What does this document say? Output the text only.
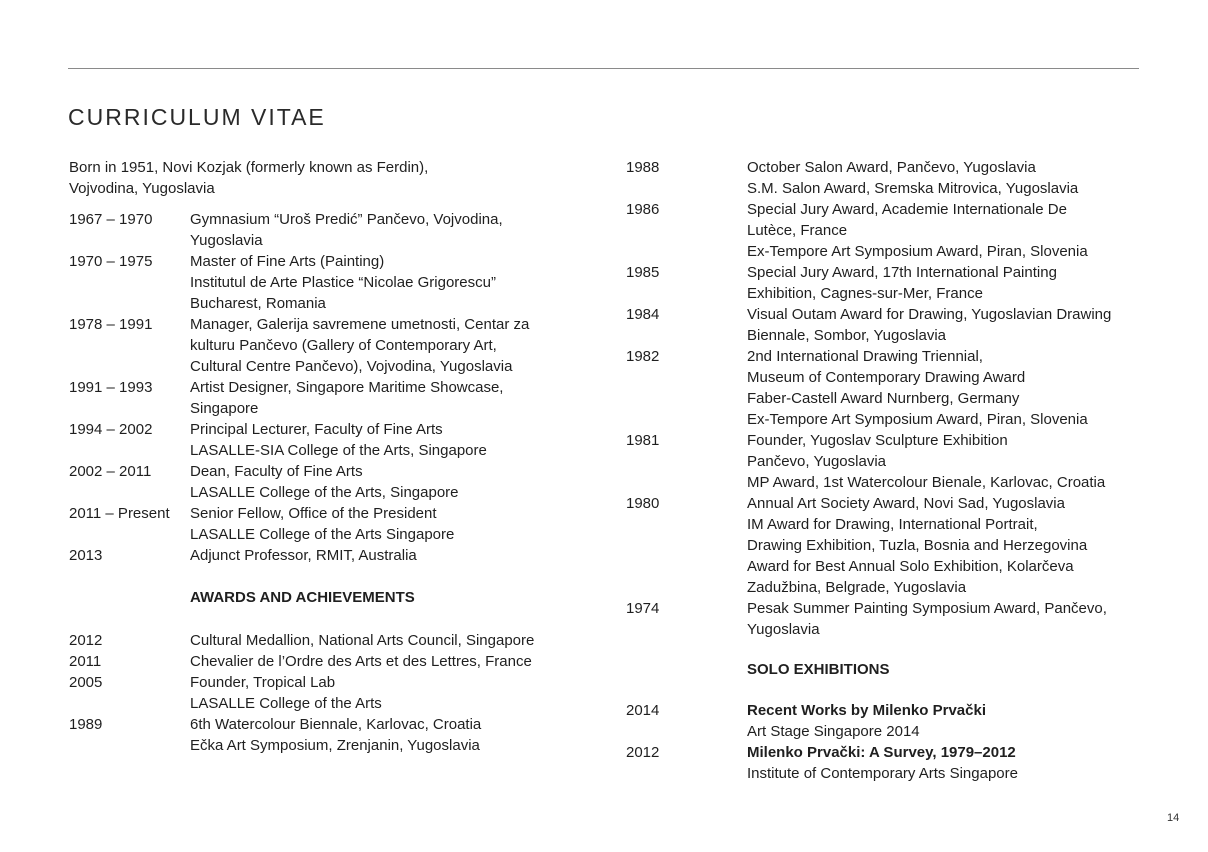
CURRICULUM VITAE
Born in 1951, Novi Kozjak (formerly known as Ferdin),
Vojvodina, Yugoslavia
1967 – 1970	Gymnasium “Uroš Predić” Pančevo, Vojvodina,
Yugoslavia
1970 – 1975	Master of Fine Arts (Painting)
Institutul de Arte Plastice “Nicolae Grigorescu”
Bucharest, Romania
1978 – 1991	Manager, Galerija savremene umetnosti, Centar za
kulturu Pančevo (Gallery of Contemporary Art,
Cultural Centre Pančevo), Vojvodina, Yugoslavia
1991 – 1993	Artist Designer, Singapore Maritime Showcase,
Singapore
1994 – 2002	Principal Lecturer, Faculty of Fine Arts
LASALLE-SIA College of the Arts, Singapore
2002 – 2011	Dean, Faculty of Fine Arts
LASALLE College of the Arts, Singapore
2011 – Present	Senior Fellow, Office of the President
LASALLE College of the Arts Singapore
2013	Adjunct Professor, RMIT, Australia
AWARDS AND ACHIEVEMENTS
2012	Cultural Medallion, National Arts Council, Singapore
2011	Chevalier de l’Ordre des Arts et des Lettres, France
2005	Founder, Tropical Lab
LASALLE College of the Arts
1989	6th Watercolour Biennale, Karlovac, Croatia
Ečka Art Symposium, Zrenjanin, Yugoslavia
1988	October Salon Award, Pančevo, Yugoslavia
S.M. Salon Award, Sremska Mitrovica, Yugoslavia
1986	Special Jury Award, Academie Internationale De
Lutèce, France
Ex-Tempore Art Symposium Award, Piran, Slovenia
1985	Special Jury Award, 17th International Painting
Exhibition, Cagnes-sur-Mer, France
1984	Visual Outam Award for Drawing, Yugoslavian Drawing
Biennale, Sombor, Yugoslavia
1982	2nd International Drawing Triennial,
Museum of Contemporary Drawing Award
Faber-Castell Award Nurnberg, Germany
Ex-Tempore Art Symposium Award, Piran, Slovenia
1981	Founder, Yugoslav Sculpture Exhibition
Pančevo, Yugoslavia
MP Award, 1st Watercolour Bienale, Karlovac, Croatia
1980	Annual Art Society Award, Novi Sad, Yugoslavia
IM Award for Drawing, International Portrait,
Drawing Exhibition, Tuzla, Bosnia and Herzegovina
Award for Best Annual Solo Exhibition, Kolarčeva
Zadužbina, Belgrade, Yugoslavia
1974	Pesak Summer Painting Symposium Award, Pančevo,
Yugoslavia
SOLO EXHIBITIONS
2014	Recent Works by Milenko Prvački
Art Stage Singapore 2014
2012	Milenko Prvački: A Survey, 1979–2012
Institute of Contemporary Arts Singapore
14
